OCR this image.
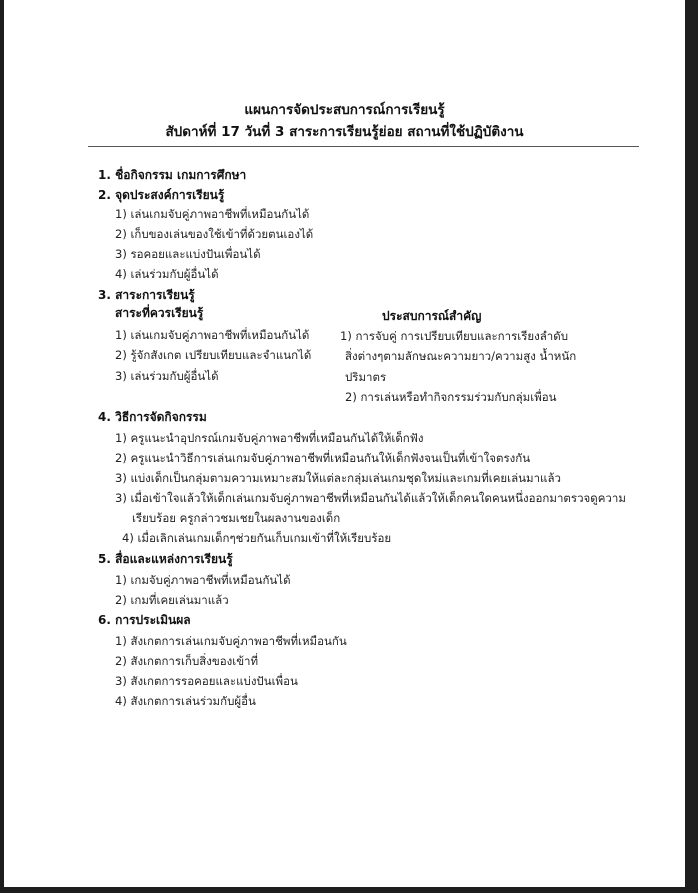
แผนการจัดประสบการณ์การเรียนรู้
สัปดาห์ที่ 17 วันที่ 3 สาระการเรียนรู้ย่อย สถานที่ใช้ปฏิบัติงาน
1. ชื่อกิจกรรม เกมการศึกษา
2. จุดประสงค์การเรียนรู้
1) เล่นเกมจับคู่ภาพอาชีพที่เหมือนกันได้
2) เก็บของเล่นของใช้เข้าที่ด้วยตนเองได้
3) รอคอยและแบ่งปันเพื่อนได้
4) เล่นร่วมกับผู้อื่นได้
3. สาระการเรียนรู้
สาระที่ควรเรียนรู้	ประสบการณ์สำคัญ
1) เล่นเกมจับคู่ภาพอาชีพที่เหมือนกันได้
2) รู้จักสังเกต เปรียบเทียบและจำแนกได้
3) เล่นร่วมกับผู้อื่นได้
1) การจับคู่ การเปรียบเทียบและการเรียงลำดับ
สิ่งต่างๆตามลักษณะความยาว/ความสูง น้ำหนัก
ปริมาตร
2) การเล่นหรือทำกิจกรรมร่วมกับกลุ่มเพื่อน
4. วิธีการจัดกิจกรรม
1) ครูแนะนำอุปกรณ์เกมจับคู่ภาพอาชีพที่เหมือนกันได้ให้เด็กฟัง
2) ครูแนะนำวิธีการเล่นเกมจับคู่ภาพอาชีพที่เหมือนกันให้เด็กฟังจนเป็นที่เข้าใจตรงกัน
3) แบ่งเด็กเป็นกลุ่มตามความเหมาะสมให้แต่ละกลุ่มเล่นเกมชุดใหม่และเกมที่เคยเล่นมาแล้ว
3) เมื่อเข้าใจแล้วให้เด็กเล่นเกมจับคู่ภาพอาชีพที่เหมือนกันได้แล้วให้เด็กคนใดคนหนึ่งออกมาตรวจดูความ
เรียบร้อย ครูกล่าวชมเชยในผลงานของเด็ก
4) เมื่อเลิกเล่นเกมเด็กๆช่วยกันเก็บเกมเข้าที่ให้เรียบร้อย
5. สื่อและแหล่งการเรียนรู้
1) เกมจับคู่ภาพอาชีพที่เหมือนกันได้
2) เกมที่เคยเล่นมาแล้ว
6. การประเมินผล
1) สังเกตการเล่นเกมจับคู่ภาพอาชีพที่เหมือนกัน
2) สังเกตการเก็บสิ่งของเข้าที่
3) สังเกตการรอคอยและแบ่งปันเพื่อน
4) สังเกตการเล่นร่วมกับผู้อื่น
